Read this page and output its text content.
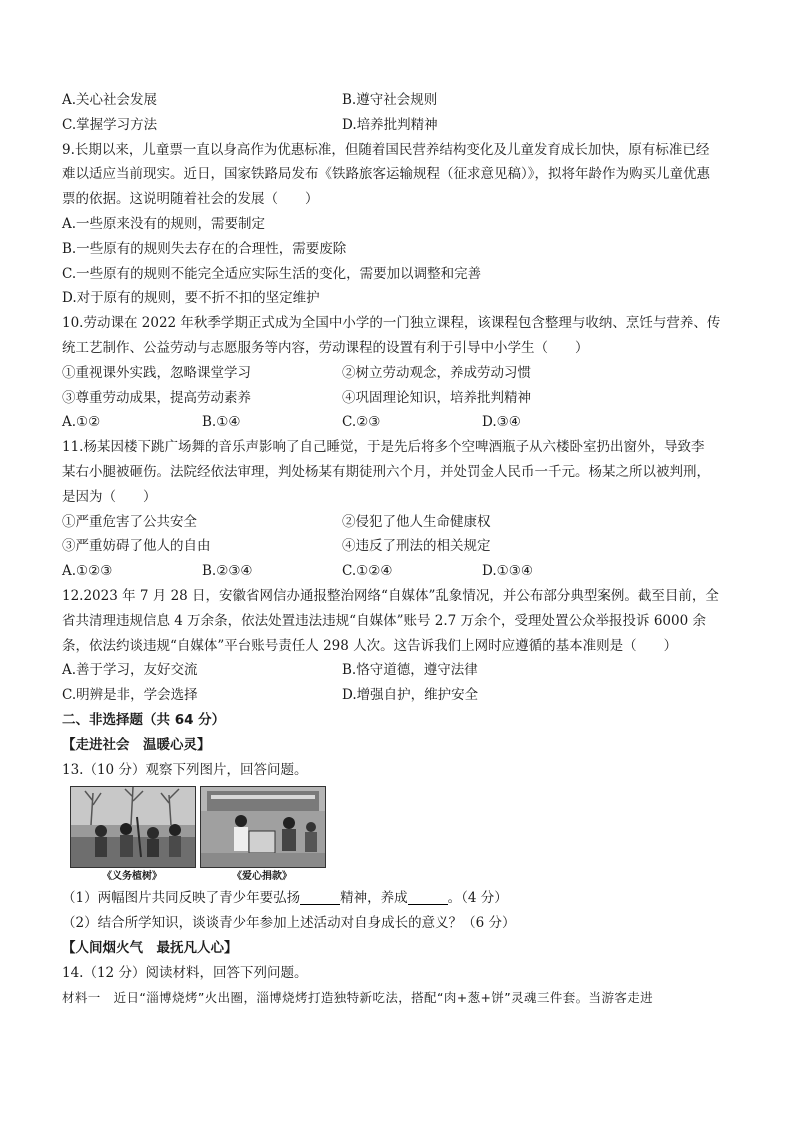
A.关心社会发展	B.遵守社会规则
C.掌握学习方法	D.培养批判精神
9.长期以来，儿童票一直以身高作为优惠标准，但随着国民营养结构变化及儿童发育成长加快，原有标准已经
难以适应当前现实。近日，国家铁路局发布《铁路旅客运输规程（征求意见稿）》，拟将年龄作为购买儿童优惠
票的依据。这说明随着社会的发展（　　）
A.一些原来没有的规则，需要制定
B.一些原有的规则失去存在的合理性，需要废除
C.一些原有的规则不能完全适应实际生活的变化，需要加以调整和完善
D.对于原有的规则，要不折不扣的坚定维护
10.劳动课在 2022 年秋季学期正式成为全国中小学的一门独立课程，该课程包含整理与收纳、烹饪与营养、传
统工艺制作、公益劳动与志愿服务等内容，劳动课程的设置有利于引导中小学生（　　）
①重视课外实践，忽略课堂学习	②树立劳动观念，养成劳动习惯
③尊重劳动成果，提高劳动素养	④巩固理论知识，培养批判精神
A.①②	B.①④	C.②③	D.③④
11.杨某因楼下跳广场舞的音乐声影响了自己睡觉，于是先后将多个空啤酒瓶子从六楼卧室扔出窗外，导致李
某右小腿被砸伤。法院经依法审理，判处杨某有期徒刑六个月，并处罚金人民币一千元。杨某之所以被判刑，
是因为（　　）
①严重危害了公共安全	②侵犯了他人生命健康权
③严重妨碍了他人的自由	④违反了刑法的相关规定
A.①②③	B.②③④	C.①②④	D.①③④
12.2023 年 7 月 28 日，安徽省网信办通报整治网络“自媒体”乱象情况，并公布部分典型案例。截至目前，全
省共清理违规信息 4 万余条，依法处置违法违规“自媒体”账号 2.7 万余个，受理处置公众举报投诉 6000 余
条，依法约谈违规“自媒体”平台账号责任人 298 人次。这告诉我们上网时应遵循的基本准则是（　　）
A.善于学习，友好交流	B.恪守道德，遵守法律
C.明辨是非，学会选择	D.增强自护，维护安全
二、非选择题（共 64 分）
【走进社会　温暖心灵】
13.（10 分）观察下列图片，回答问题。
《义务植树》	《爱心捐款》
（1）两幅图片共同反映了青少年要弘扬	精神，养成	。（4 分）
（2）结合所学知识，谈谈青少年参加上述活动对自身成长的意义？（6 分）
【人间烟火气　最抚凡人心】
14.（12 分）阅读材料，回答下列问题。
材料一　近日“淄博烧烤”火出圈，淄博烧烤打造独特新吃法，搭配“肉+葱+饼”灵魂三件套。当游客走进
